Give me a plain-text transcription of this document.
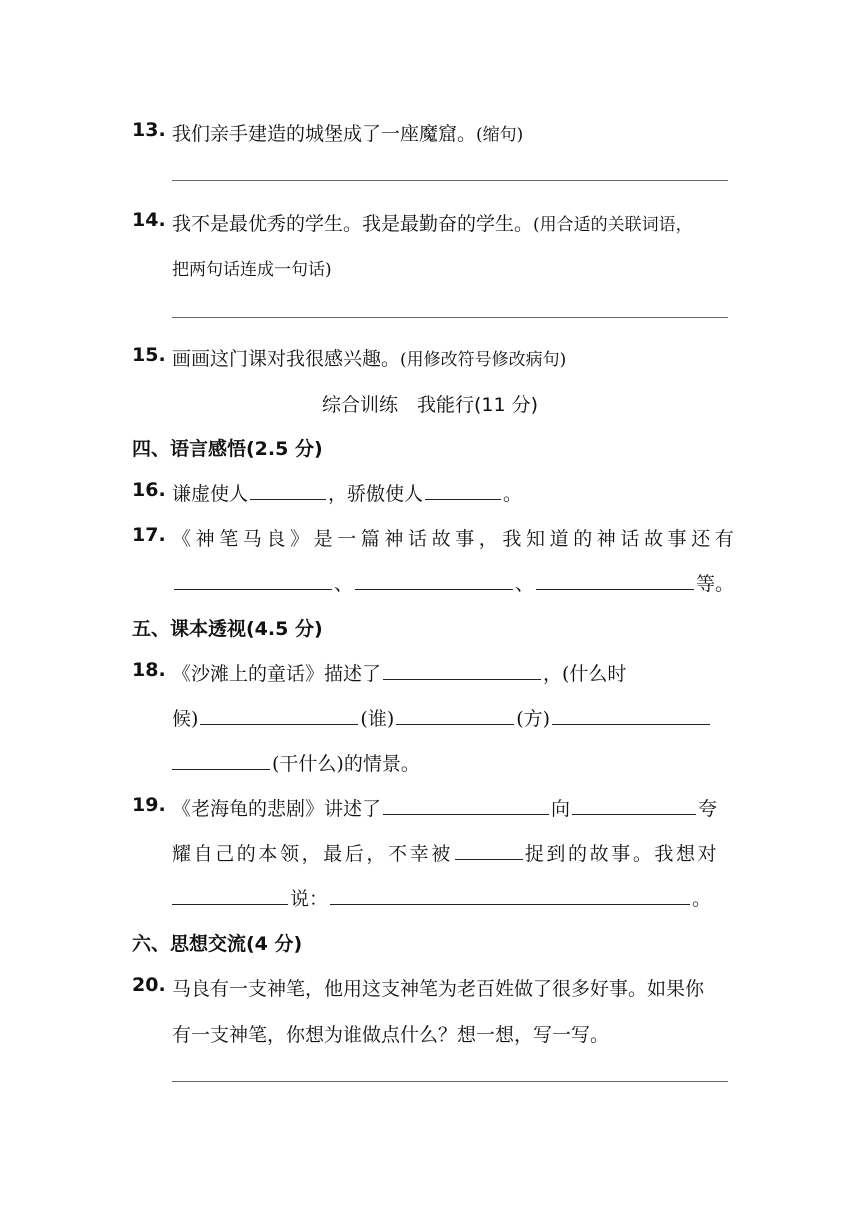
13. 我们亲手建造的城堡成了一座魔窟。(缩句)
14. 我不是最优秀的学生。我是最勤奋的学生。(用合适的关联词语，
把两句话连成一句话)
15. 画画这门课对我很感兴趣。(用修改符号修改病句)
综合训练　我能行(11 分)
四、语言感悟(2.5 分)
16. 谦虚使人	，骄傲使人	。
17. 《神笔马良》是一篇神话故事，我知道的神话故事还有
、	、	等。
五、课本透视(4.5 分)
18. 《沙滩上的童话》描述了	，(什么时
候)	(谁)	(方)
(干什么)的情景。
19. 《老海龟的悲剧》讲述了	向	夸
耀自己的本领，最后，不幸被	捉到的故事。我想对
说：	。
六、思想交流(4 分)
20. 马良有一支神笔，他用这支神笔为老百姓做了很多好事。如果你
有一支神笔，你想为谁做点什么？想一想，写一写。
